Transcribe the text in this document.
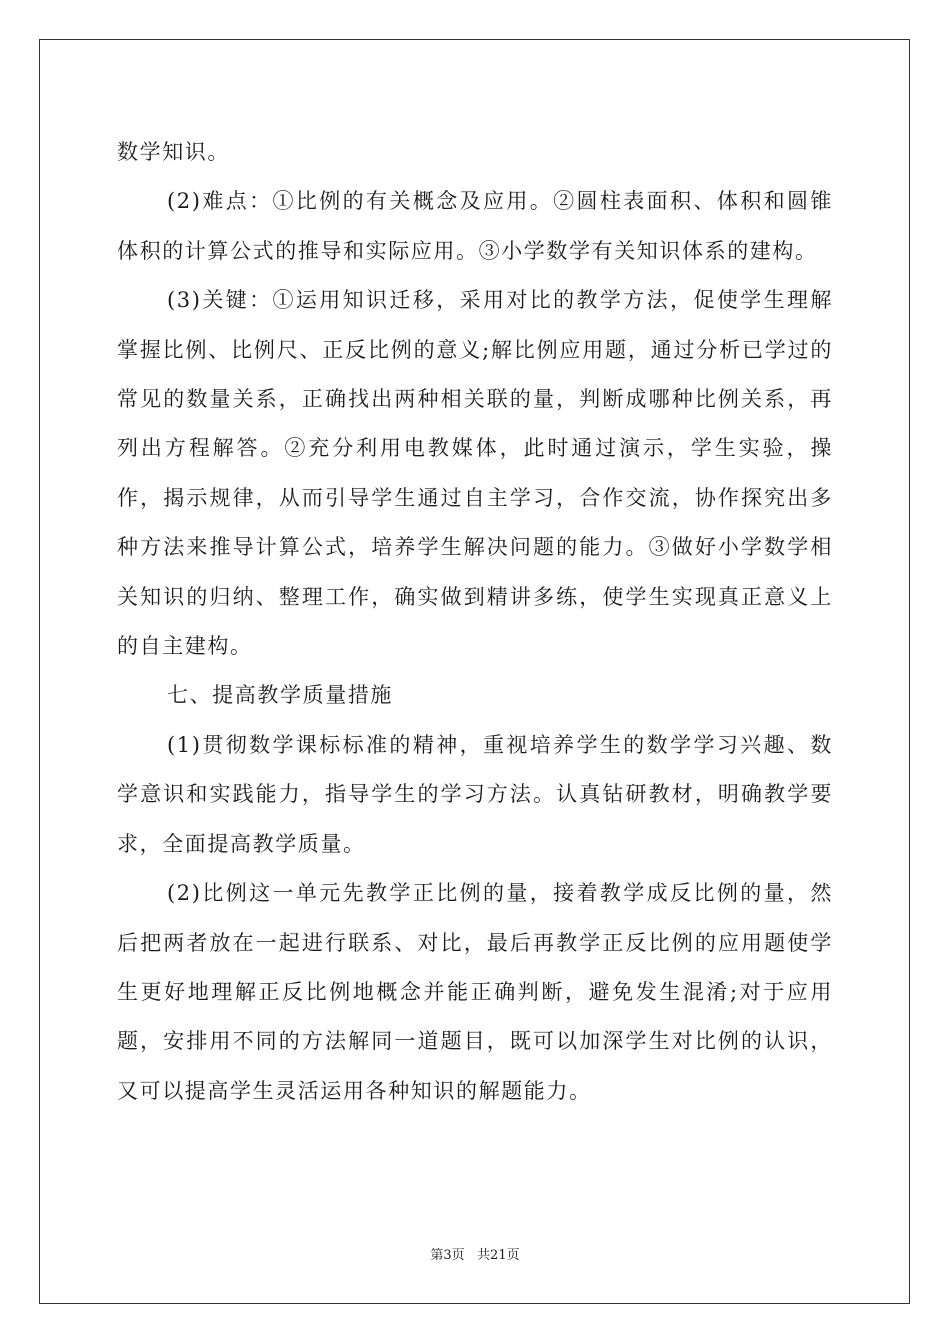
数学知识。

(2)难点：①比例的有关概念及应用。②圆柱表面积、体积和圆锥体积的计算公式的推导和实际应用。③小学数学有关知识体系的建构。

(3)关键：①运用知识迁移，采用对比的教学方法，促使学生理解掌握比例、比例尺、正反比例的意义;解比例应用题，通过分析已学过的常见的数量关系，正确找出两种相关联的量，判断成哪种比例关系，再列出方程解答。②充分利用电教媒体，此时通过演示，学生实验，操作，揭示规律，从而引导学生通过自主学习，合作交流，协作探究出多种方法来推导计算公式，培养学生解决问题的能力。③做好小学数学相关知识的归纳、整理工作，确实做到精讲多练，使学生实现真正意义上的自主建构。

七、提高教学质量措施

(1)贯彻数学课标标准的精神，重视培养学生的数学学习兴趣、数学意识和实践能力，指导学生的学习方法。认真钻研教材，明确教学要求，全面提高教学质量。

(2)比例这一单元先教学正比例的量，接着教学成反比例的量，然后把两者放在一起进行联系、对比，最后再教学正反比例的应用题使学生更好地理解正反比例地概念并能正确判断，避免发生混淆;对于应用题，安排用不同的方法解同一道题目，既可以加深学生对比例的认识，又可以提高学生灵活运用各种知识的解题能力。

第3页   共21页
